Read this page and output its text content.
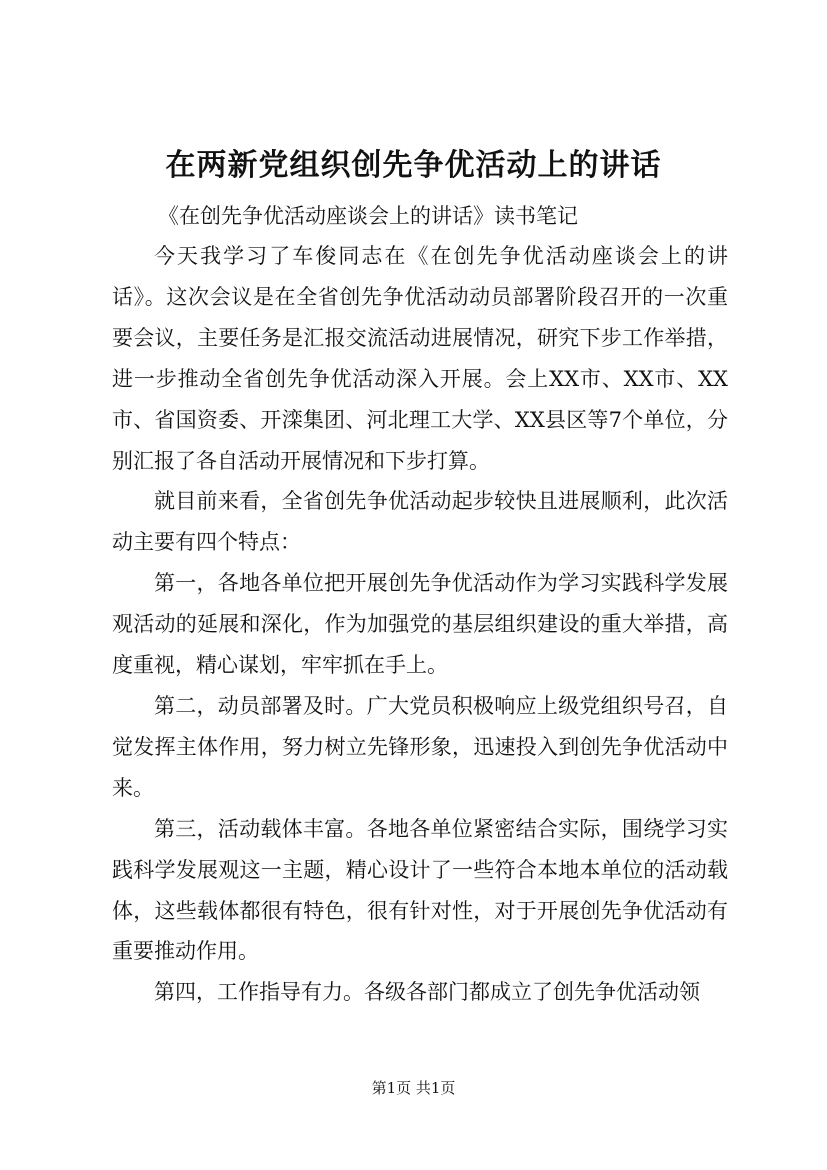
在两新党组织创先争优活动上的讲话
《在创先争优活动座谈会上的讲话》读书笔记

今天我学习了车俊同志在《在创先争优活动座谈会上的讲话》。这次会议是在全省创先争优活动动员部署阶段召开的一次重要会议，主要任务是汇报交流活动进展情况，研究下步工作举措，进一步推动全省创先争优活动深入开展。会上XX市、XX市、XX市、省国资委、开滦集团、河北理工大学、XX县区等7个单位，分别汇报了各自活动开展情况和下步打算。

就目前来看，全省创先争优活动起步较快且进展顺利，此次活动主要有四个特点：

第一，各地各单位把开展创先争优活动作为学习实践科学发展观活动的延展和深化，作为加强党的基层组织建设的重大举措，高度重视，精心谋划，牢牢抓在手上。

第二，动员部署及时。广大党员积极响应上级党组织号召，自觉发挥主体作用，努力树立先锋形象，迅速投入到创先争优活动中来。

第三，活动载体丰富。各地各单位紧密结合实际，围绕学习实践科学发展观这一主题，精心设计了一些符合本地本单位的活动载体，这些载体都很有特色，很有针对性，对于开展创先争优活动有重要推动作用。

第四，工作指导有力。各级各部门都成立了创先争优活动领

第1页 共1页
